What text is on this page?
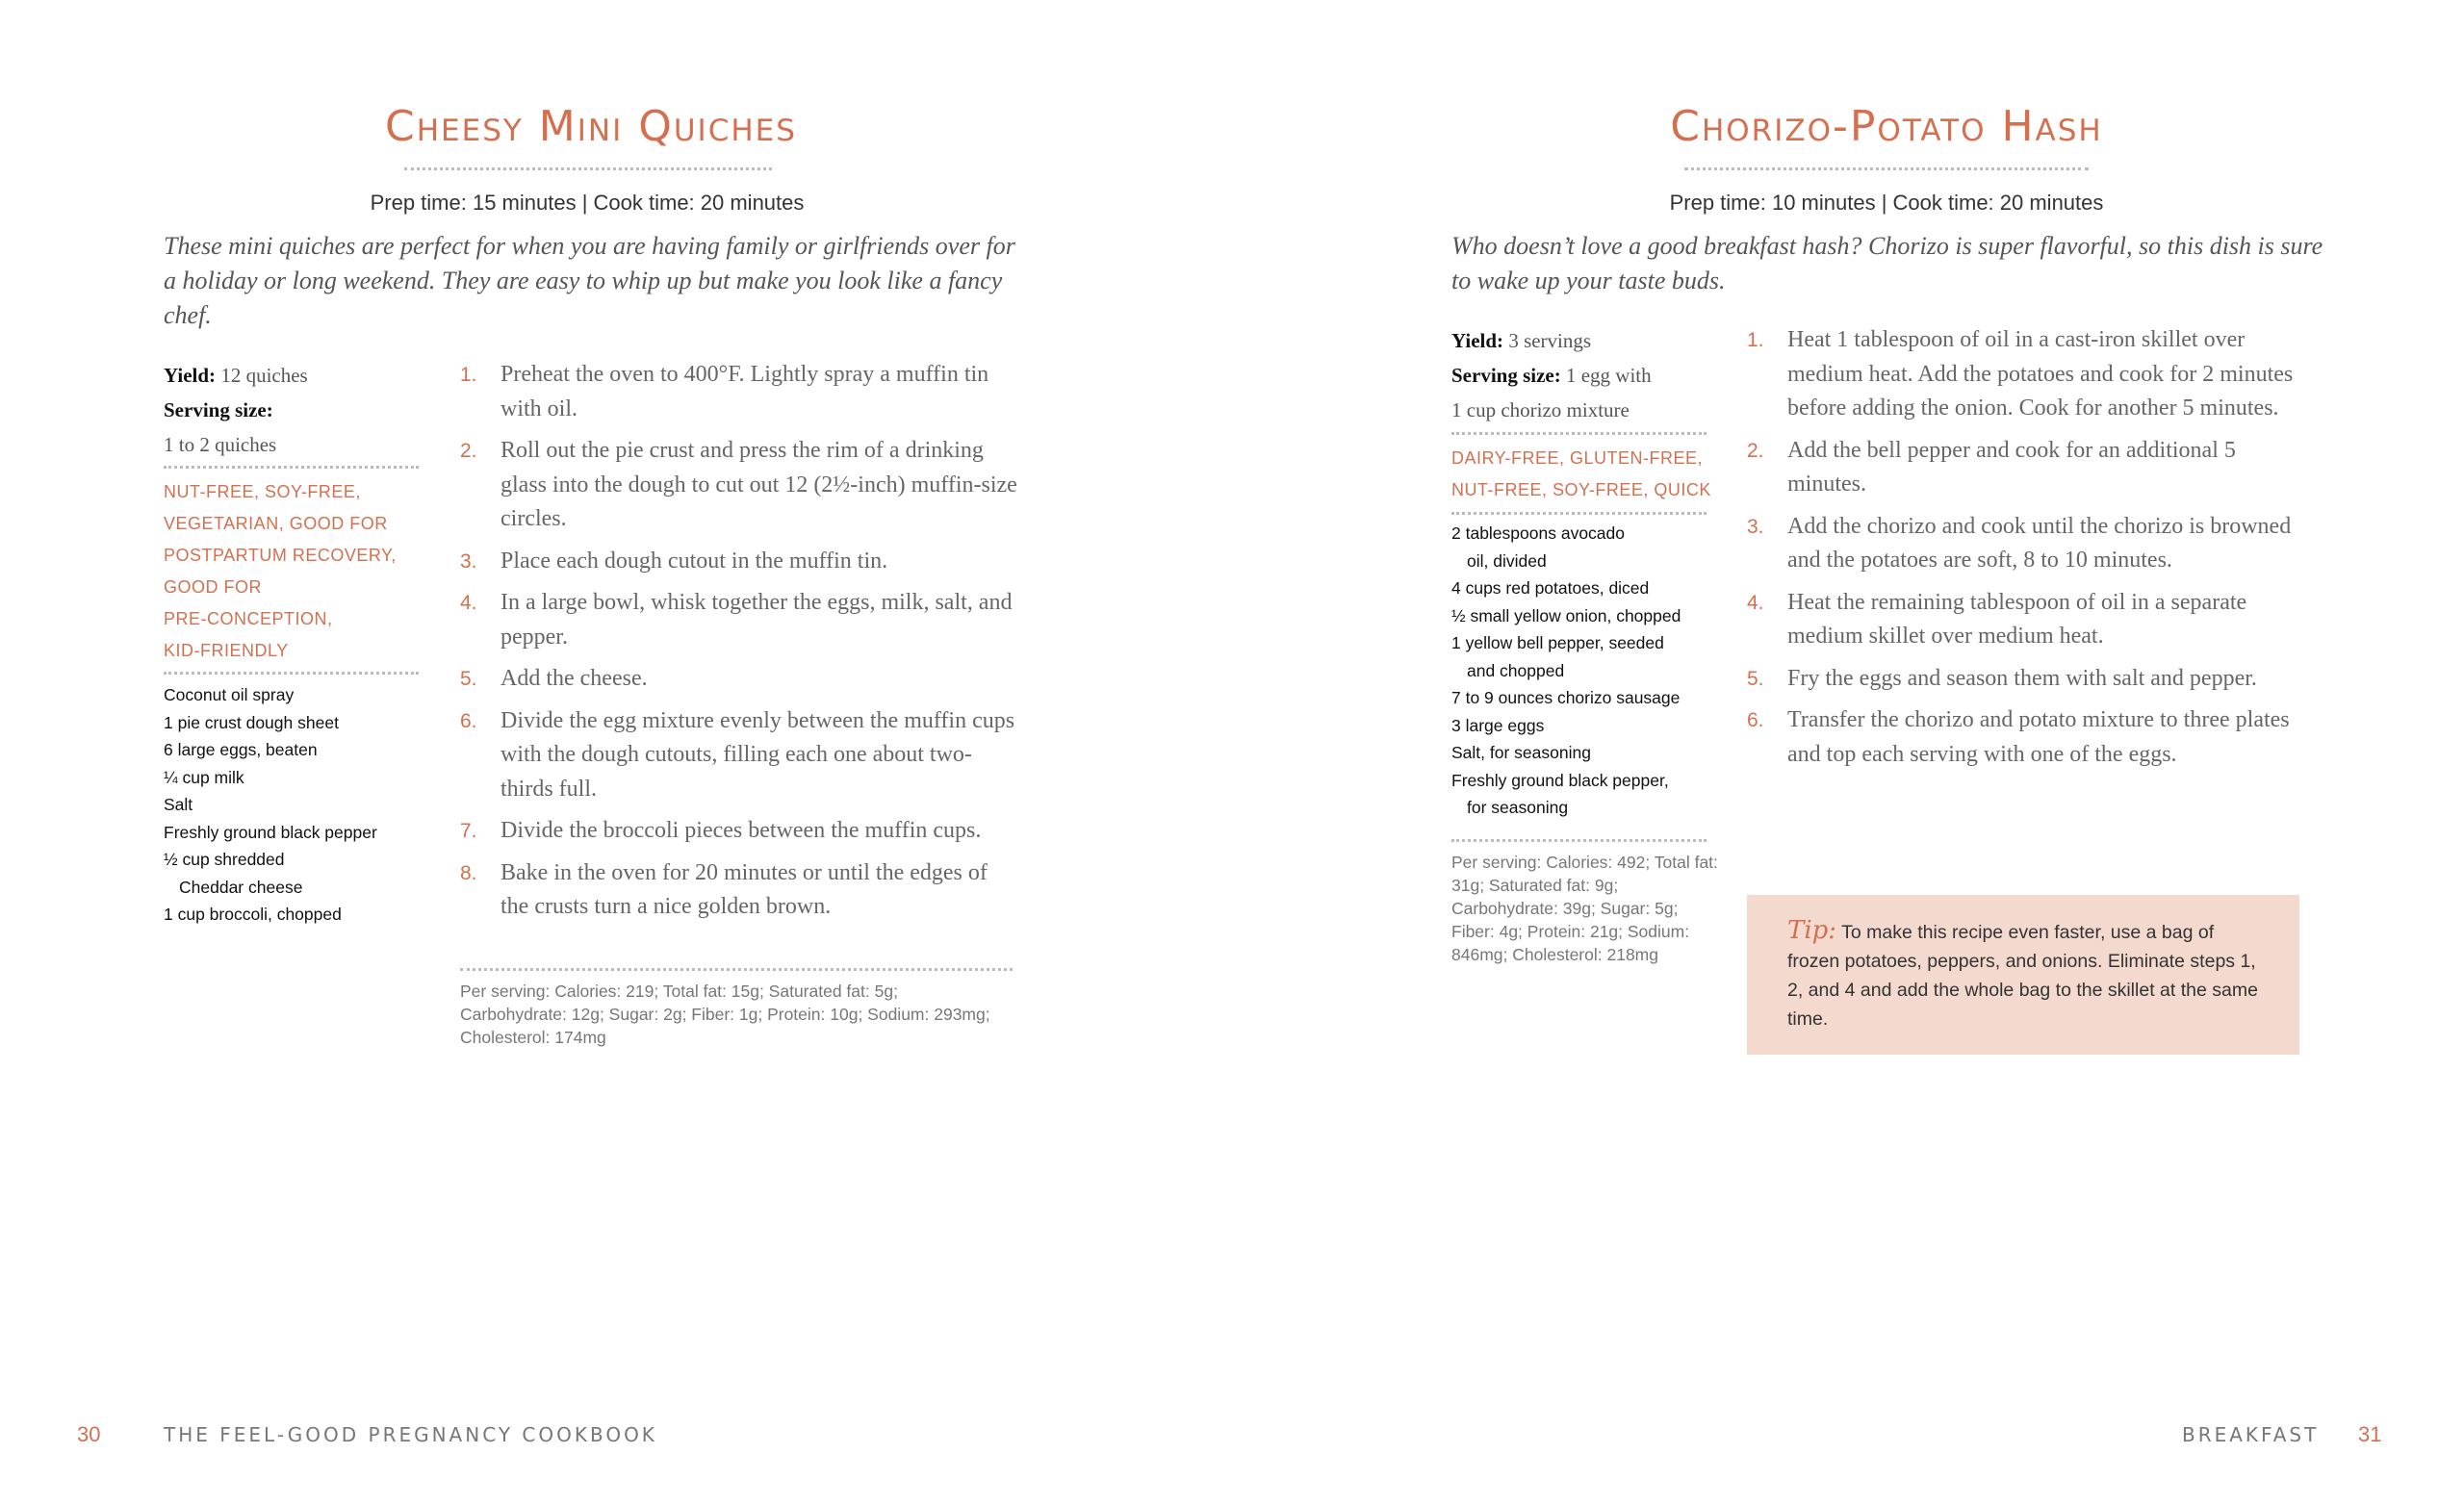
Cheesy Mini Quiches
Prep time: 15 minutes | Cook time: 20 minutes
These mini quiches are perfect for when you are having family or girlfriends over for a holiday or long weekend. They are easy to whip up but make you look like a fancy chef.
Yield: 12 quiches
Serving size:
1 to 2 quiches
NUT-FREE, SOY-FREE,
VEGETARIAN, GOOD FOR
POSTPARTUM RECOVERY,
GOOD FOR
PRE-CONCEPTION,
KID-FRIENDLY
Coconut oil spray
1 pie crust dough sheet
6 large eggs, beaten
¼ cup milk
Salt
Freshly ground black pepper
½ cup shredded
Cheddar cheese
1 cup broccoli, chopped
1. Preheat the oven to 400°F. Lightly spray a muffin tin with oil.
2. Roll out the pie crust and press the rim of a drinking glass into the dough to cut out 12 (2½-inch) muffin-size circles.
3. Place each dough cutout in the muffin tin.
4. In a large bowl, whisk together the eggs, milk, salt, and pepper.
5. Add the cheese.
6. Divide the egg mixture evenly between the muffin cups with the dough cutouts, filling each one about two-thirds full.
7. Divide the broccoli pieces between the muffin cups.
8. Bake in the oven for 20 minutes or until the edges of the crusts turn a nice golden brown.
Per serving: Calories: 219; Total fat: 15g; Saturated fat: 5g; Carbohydrate: 12g; Sugar: 2g; Fiber: 1g; Protein: 10g; Sodium: 293mg; Cholesterol: 174mg
30	THE FEEL-GOOD PREGNANCY COOKBOOK
Chorizo-Potato Hash
Prep time: 10 minutes | Cook time: 20 minutes
Who doesn’t love a good breakfast hash? Chorizo is super flavorful, so this dish is sure to wake up your taste buds.
Yield: 3 servings
Serving size: 1 egg with
1 cup chorizo mixture
DAIRY-FREE, GLUTEN-FREE,
NUT-FREE, SOY-FREE, QUICK
2 tablespoons avocado
oil, divided
4 cups red potatoes, diced
½ small yellow onion, chopped
1 yellow bell pepper, seeded
and chopped
7 to 9 ounces chorizo sausage
3 large eggs
Salt, for seasoning
Freshly ground black pepper,
for seasoning
Per serving: Calories: 492; Total fat: 31g; Saturated fat: 9g; Carbohydrate: 39g; Sugar: 5g; Fiber: 4g; Protein: 21g; Sodium: 846mg; Cholesterol: 218mg
1. Heat 1 tablespoon of oil in a cast-iron skillet over medium heat. Add the potatoes and cook for 2 minutes before adding the onion. Cook for another 5 minutes.
2. Add the bell pepper and cook for an additional 5 minutes.
3. Add the chorizo and cook until the chorizo is browned and the potatoes are soft, 8 to 10 minutes.
4. Heat the remaining tablespoon of oil in a separate medium skillet over medium heat.
5. Fry the eggs and season them with salt and pepper.
6. Transfer the chorizo and potato mixture to three plates and top each serving with one of the eggs.
Tip: To make this recipe even faster, use a bag of frozen potatoes, peppers, and onions. Eliminate steps 1, 2, and 4 and add the whole bag to the skillet at the same time.
BREAKFAST 31
